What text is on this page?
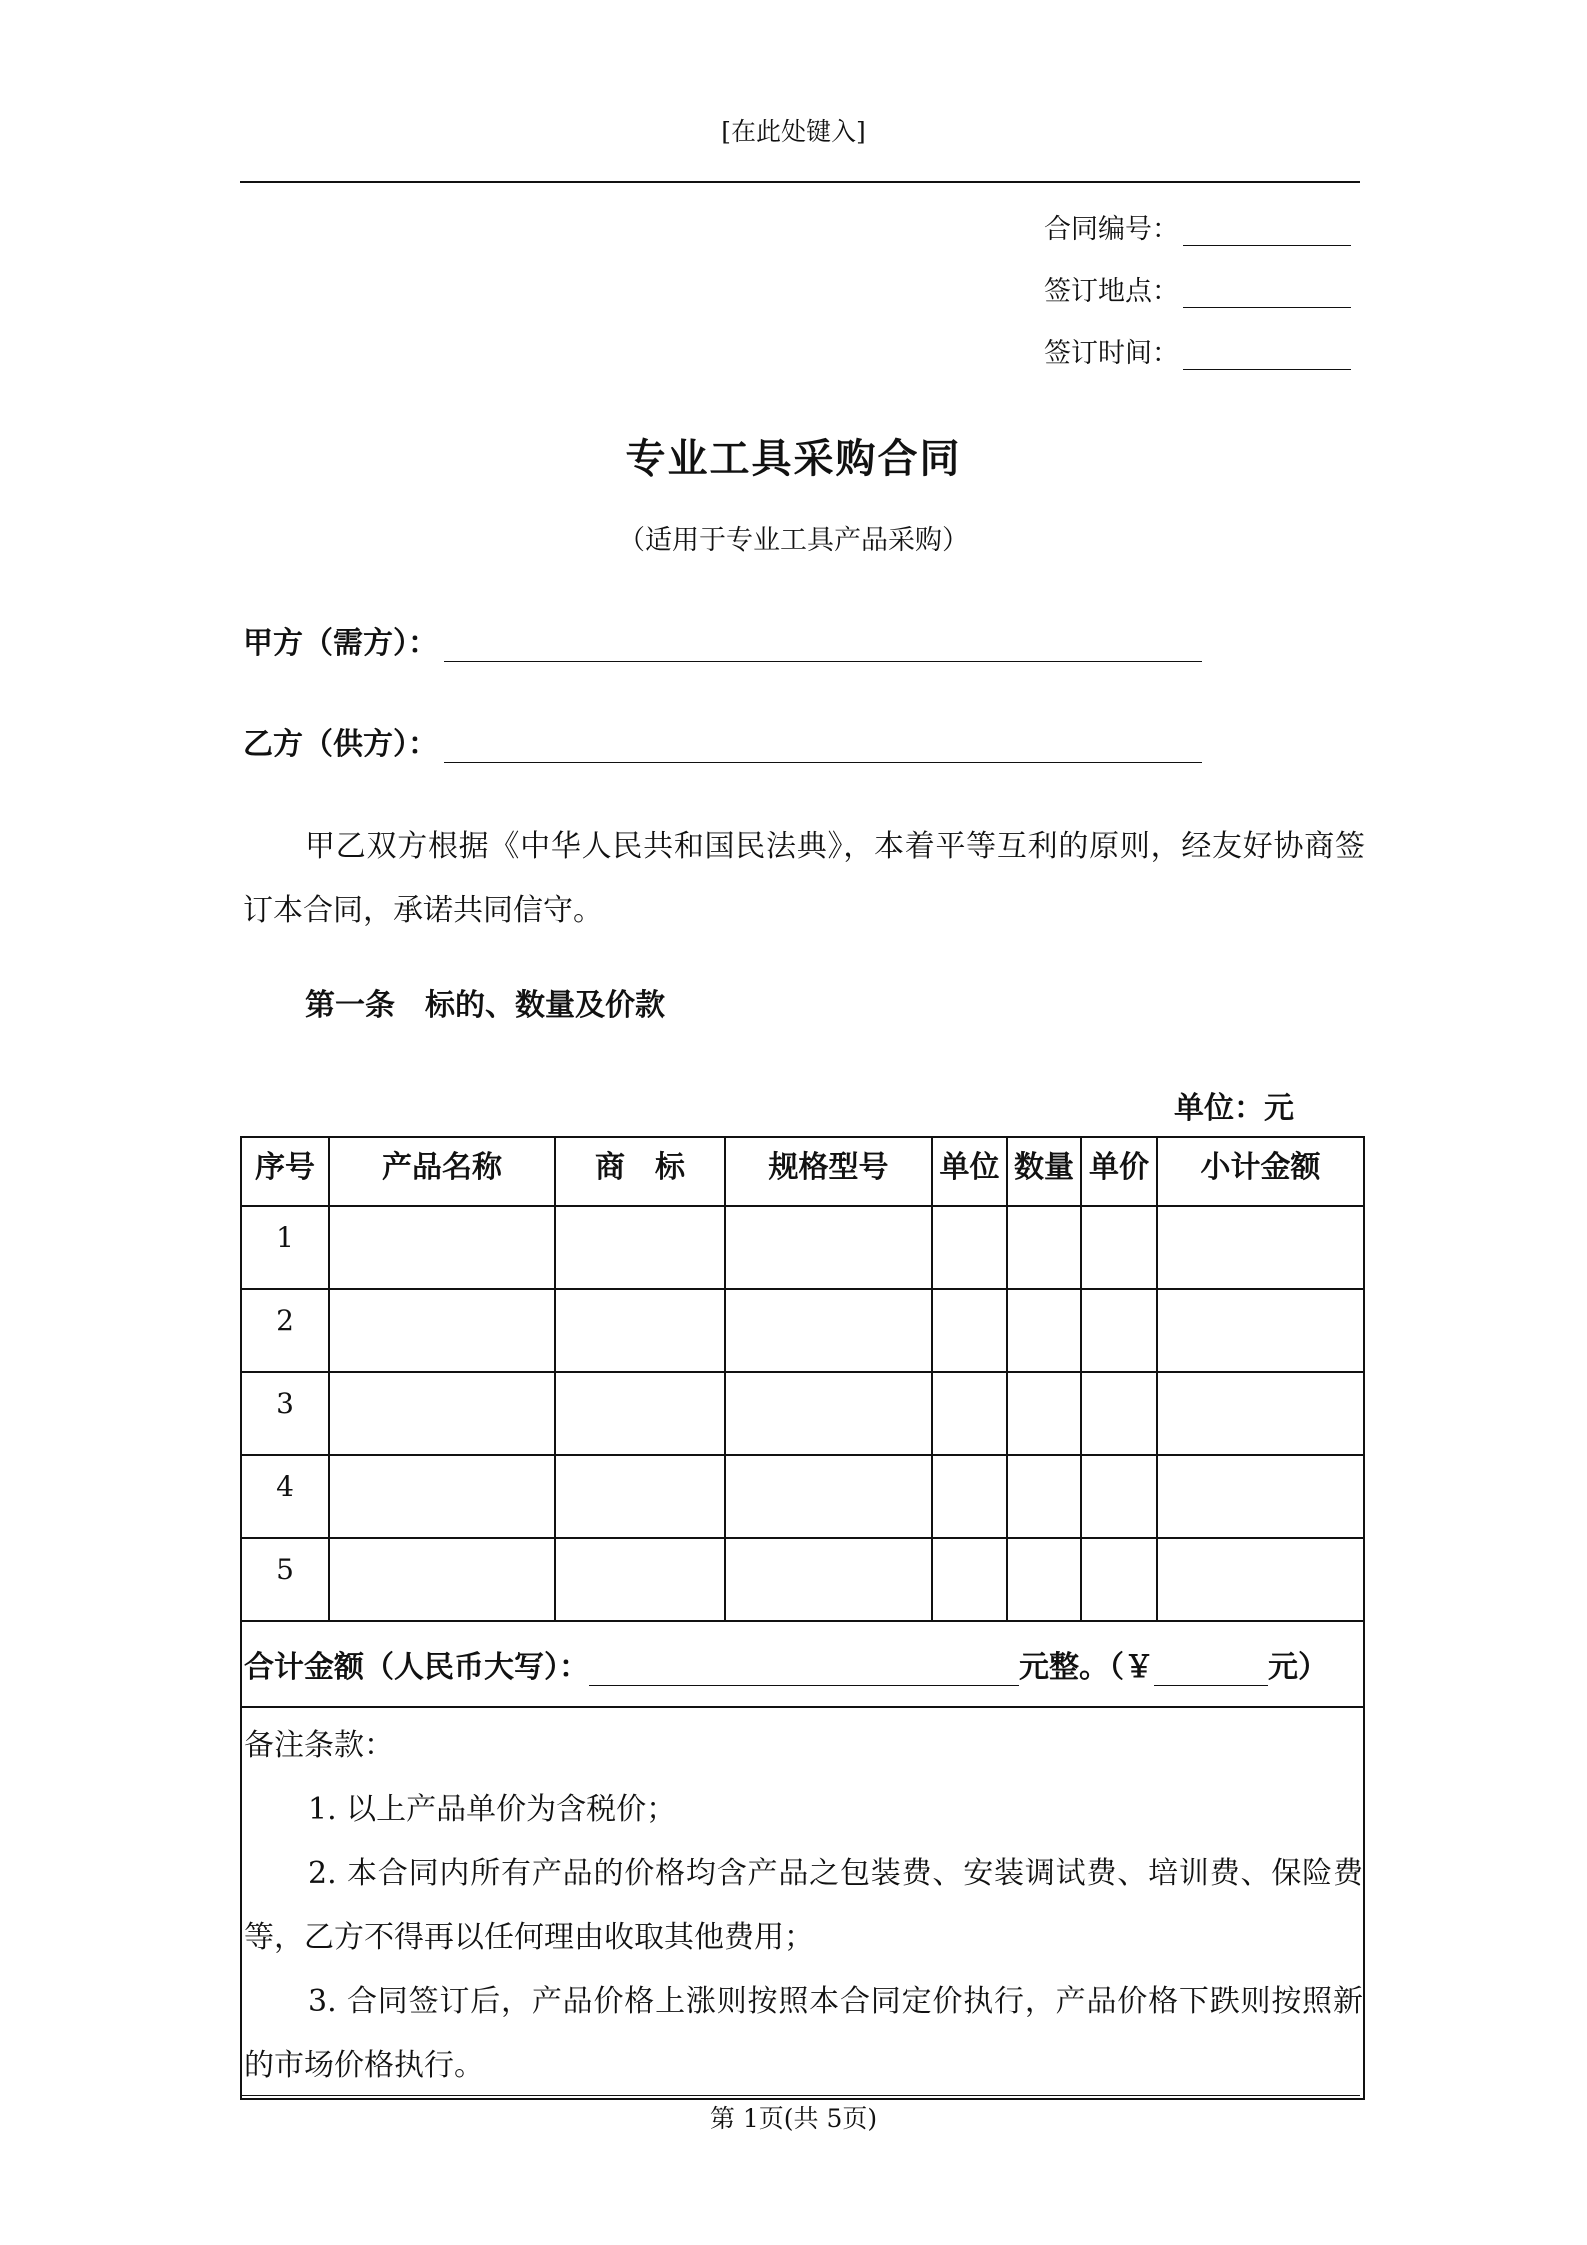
[在此处键入]
合同编号：
签订地点：
签订时间：
专业工具采购合同
（适用于专业工具产品采购）
甲方（需方）：
乙方（供方）：
甲乙双方根据《中华人民共和国民法典》，本着平等互利的原则，经友好协商签订本合同，承诺共同信守。
第一条　标的、数量及价款
单位：元
序号	产品名称	商　标	规格型号	单位	数量	单价	小计金额
1							
2							
3							
4							
5							
合计金额（人民币大写）： 元整。（￥ 元）							

备注条款：
1. 以上产品单价为含税价；
2. 本合同内所有产品的价格均含产品之包装费、安装调试费、培训费、保险费等，乙方不得再以任何理由收取其他费用；
3. 合同签订后，产品价格上涨则按照本合同定价执行，产品价格下跌则按照新的市场价格执行。							
第 1页(共 5页)
